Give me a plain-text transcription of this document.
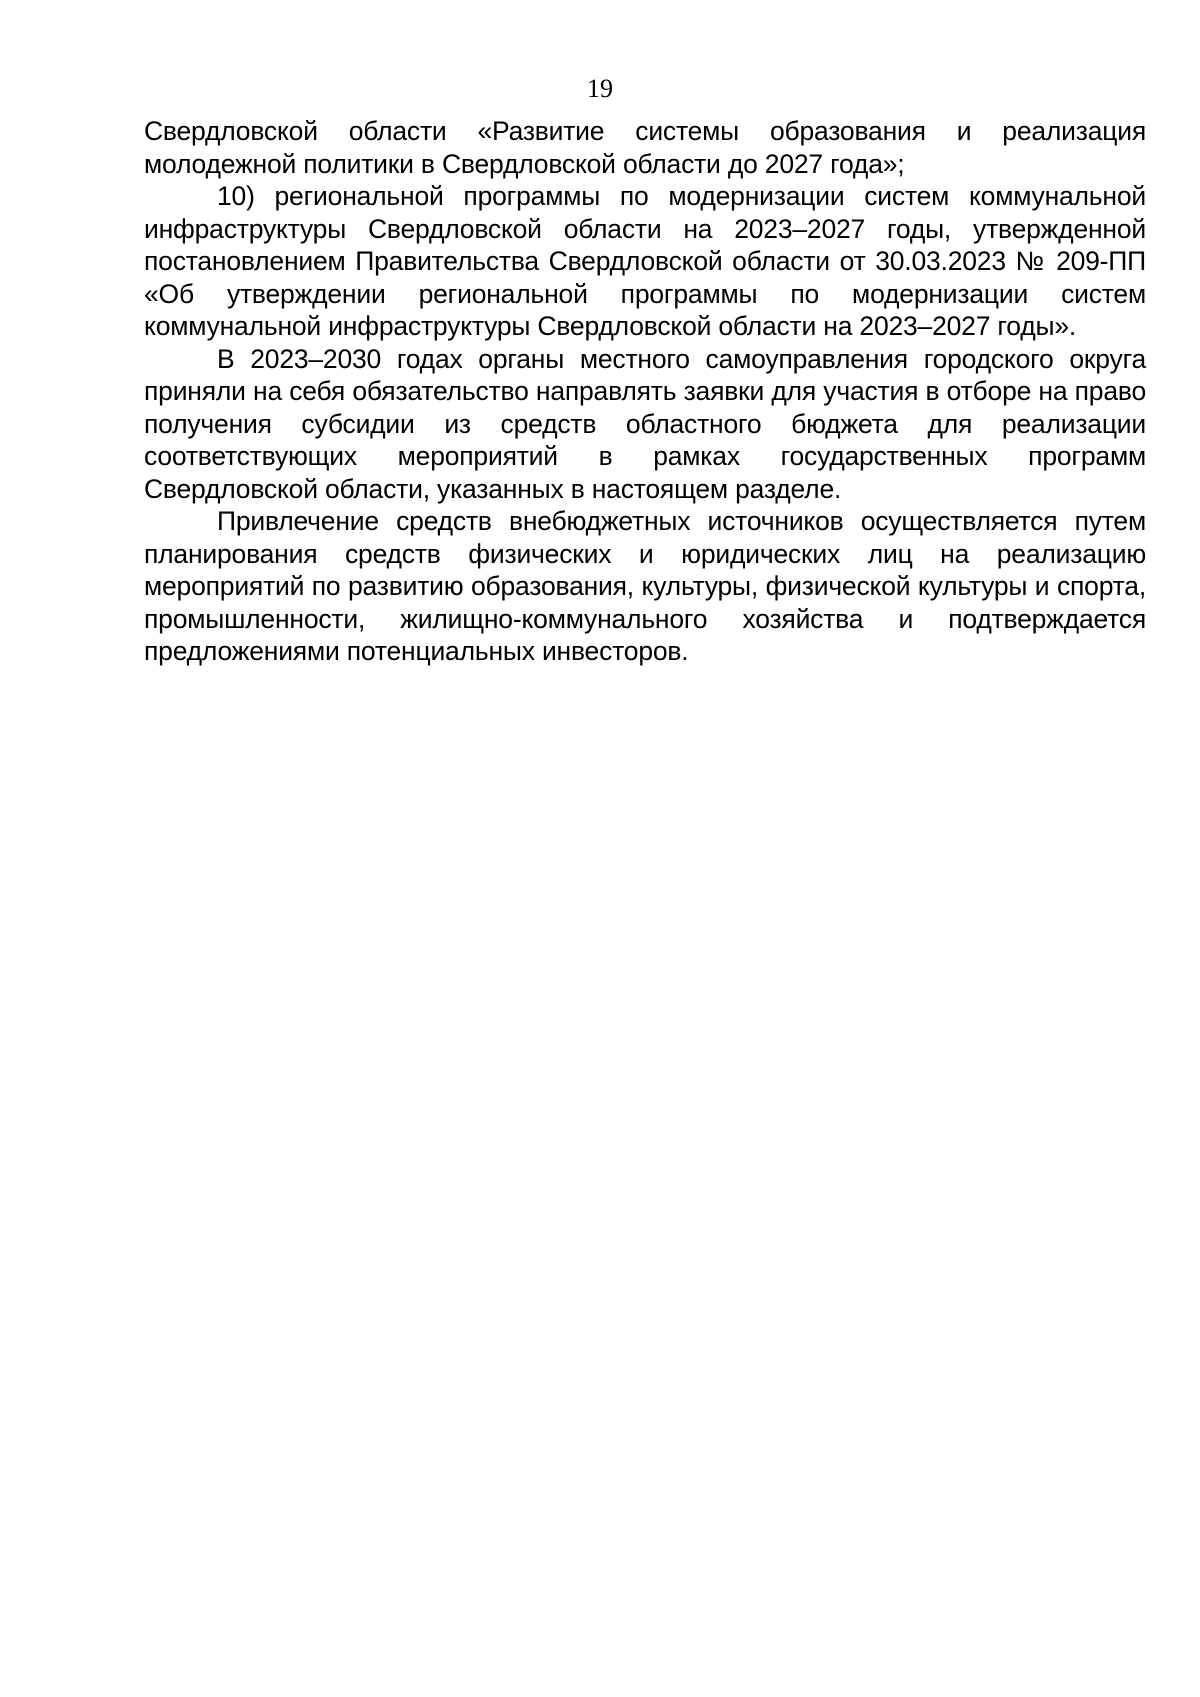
19

Свердловской области «Развитие системы образования и реализация молодежной политики в Свердловской области до 2027 года»;

10) региональной программы по модернизации систем коммунальной инфраструктуры Свердловской области на 2023–2027 годы, утвержденной постановлением Правительства Свердловской области от 30.03.2023 № 209-ПП «Об утверждении региональной программы по модернизации систем коммунальной инфраструктуры Свердловской области на 2023–2027 годы».

В 2023–2030 годах органы местного самоуправления городского округа приняли на себя обязательство направлять заявки для участия в отборе на право получения субсидии из средств областного бюджета для реализации соответствующих мероприятий в рамках государственных программ Свердловской области, указанных в настоящем разделе.

Привлечение средств внебюджетных источников осуществляется путем планирования средств физических и юридических лиц на реализацию мероприятий по развитию образования, культуры, физической культуры и спорта, промышленности, жилищно-коммунального хозяйства и подтверждается предложениями потенциальных инвесторов.
